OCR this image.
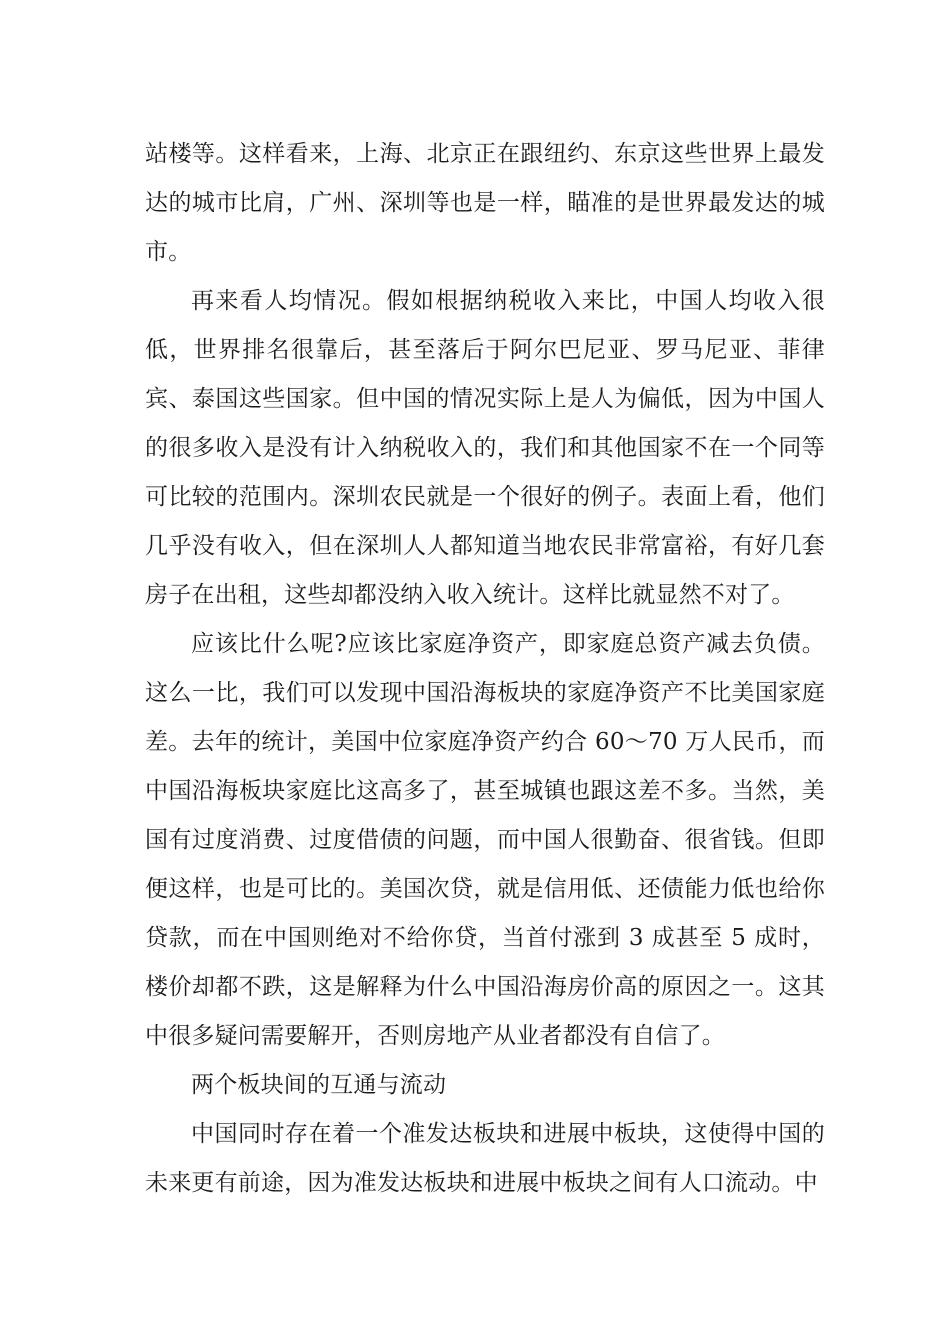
站楼等。这样看来，上海、北京正在跟纽约、东京这些世界上最发达的城市比肩，广州、深圳等也是一样，瞄准的是世界最发达的城市。

再来看人均情况。假如根据纳税收入来比，中国人均收入很低，世界排名很靠后，甚至落后于阿尔巴尼亚、罗马尼亚、菲律宾、泰国这些国家。但中国的情况实际上是人为偏低，因为中国人的很多收入是没有计入纳税收入的，我们和其他国家不在一个同等可比较的范围内。深圳农民就是一个很好的例子。表面上看，他们几乎没有收入，但在深圳人人都知道当地农民非常富裕，有好几套房子在出租，这些却都没纳入收入统计。这样比就显然不对了。

应该比什么呢?应该比家庭净资产，即家庭总资产减去负债。这么一比，我们可以发现中国沿海板块的家庭净资产不比美国家庭差。去年的统计，美国中位家庭净资产约合 60～70 万人民币，而中国沿海板块家庭比这高多了，甚至城镇也跟这差不多。当然，美国有过度消费、过度借债的问题，而中国人很勤奋、很省钱。但即便这样，也是可比的。美国次贷，就是信用低、还债能力低也给你贷款，而在中国则绝对不给你贷，当首付涨到 3 成甚至 5 成时，楼价却都不跌，这是解释为什么中国沿海房价高的原因之一。这其中很多疑问需要解开，否则房地产从业者都没有自信了。

两个板块间的互通与流动

中国同时存在着一个准发达板块和进展中板块，这使得中国的未来更有前途，因为准发达板块和进展中板块之间有人口流动。中
